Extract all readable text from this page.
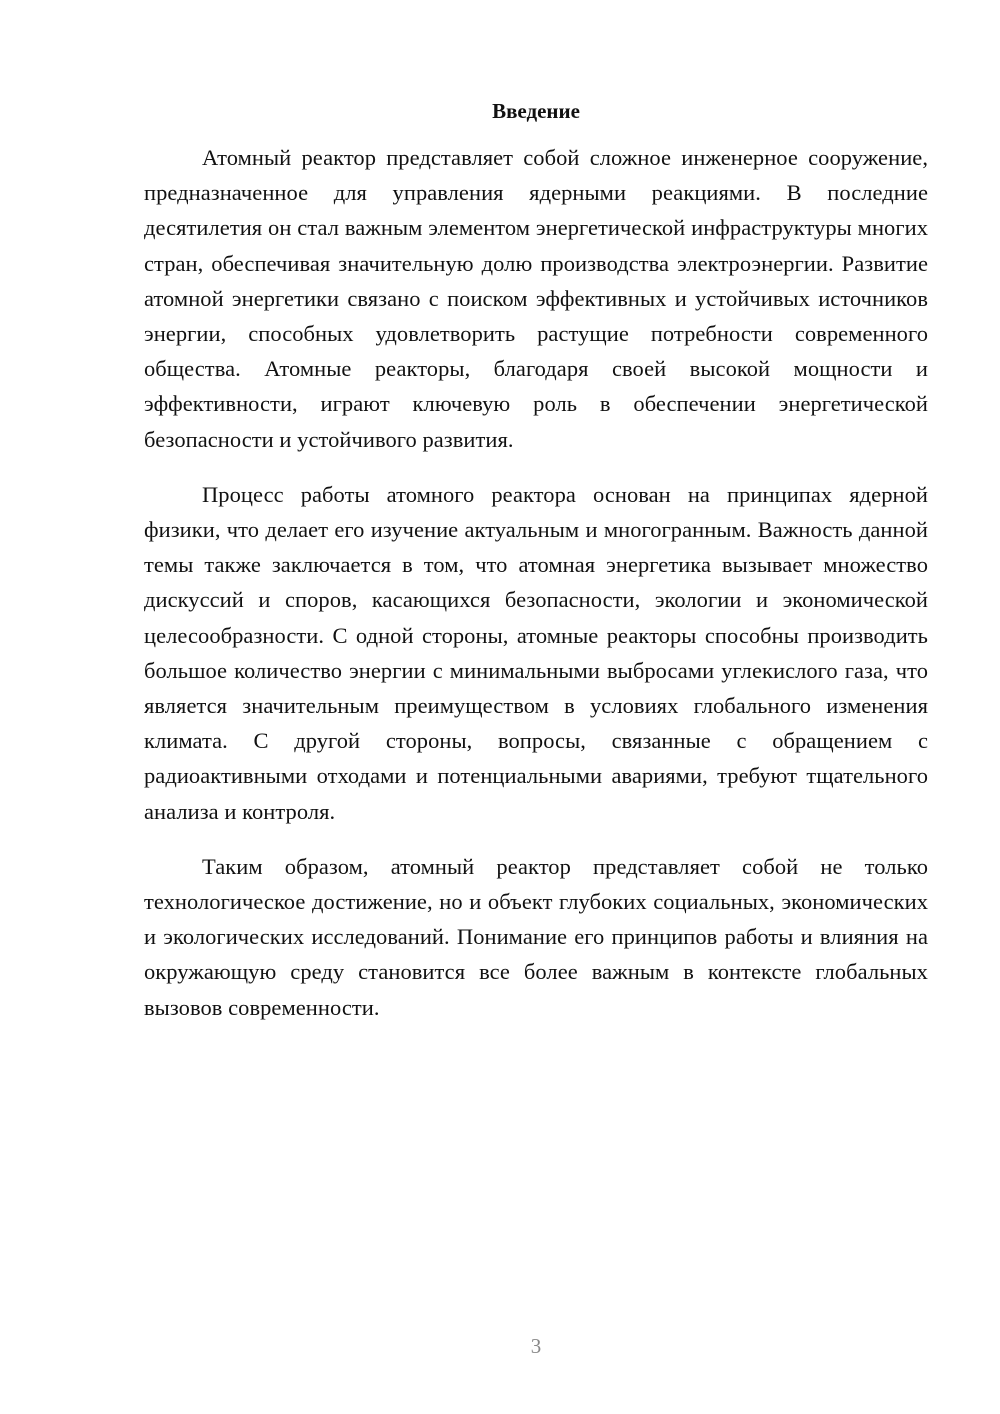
Введение

Атомный реактор представляет собой сложное инженерное сооружение, предназначенное для управления ядерными реакциями. В последние десятилетия он стал важным элементом энергетической инфраструктуры многих стран, обеспечивая значительную долю производства электроэнергии. Развитие атомной энергетики связано с поиском эффективных и устойчивых источников энергии, способных удовлетворить растущие потребности современного общества. Атомные реакторы, благодаря своей высокой мощности и эффективности, играют ключевую роль в обеспечении энергетической безопасности и устойчивого развития.

Процесс работы атомного реактора основан на принципах ядерной физики, что делает его изучение актуальным и многогранным. Важность данной темы также заключается в том, что атомная энергетика вызывает множество дискуссий и споров, касающихся безопасности, экологии и экономической целесообразности. С одной стороны, атомные реакторы способны производить большое количество энергии с минимальными выбросами углекислого газа, что является значительным преимуществом в условиях глобального изменения климата. С другой стороны, вопросы, связанные с обращением с радиоактивными отходами и потенциальными авариями, требуют тщательного анализа и контроля.

Таким образом, атомный реактор представляет собой не только технологическое достижение, но и объект глубоких социальных, экономических и экологических исследований. Понимание его принципов работы и влияния на окружающую среду становится все более важным в контексте глобальных вызовов современности.

3
